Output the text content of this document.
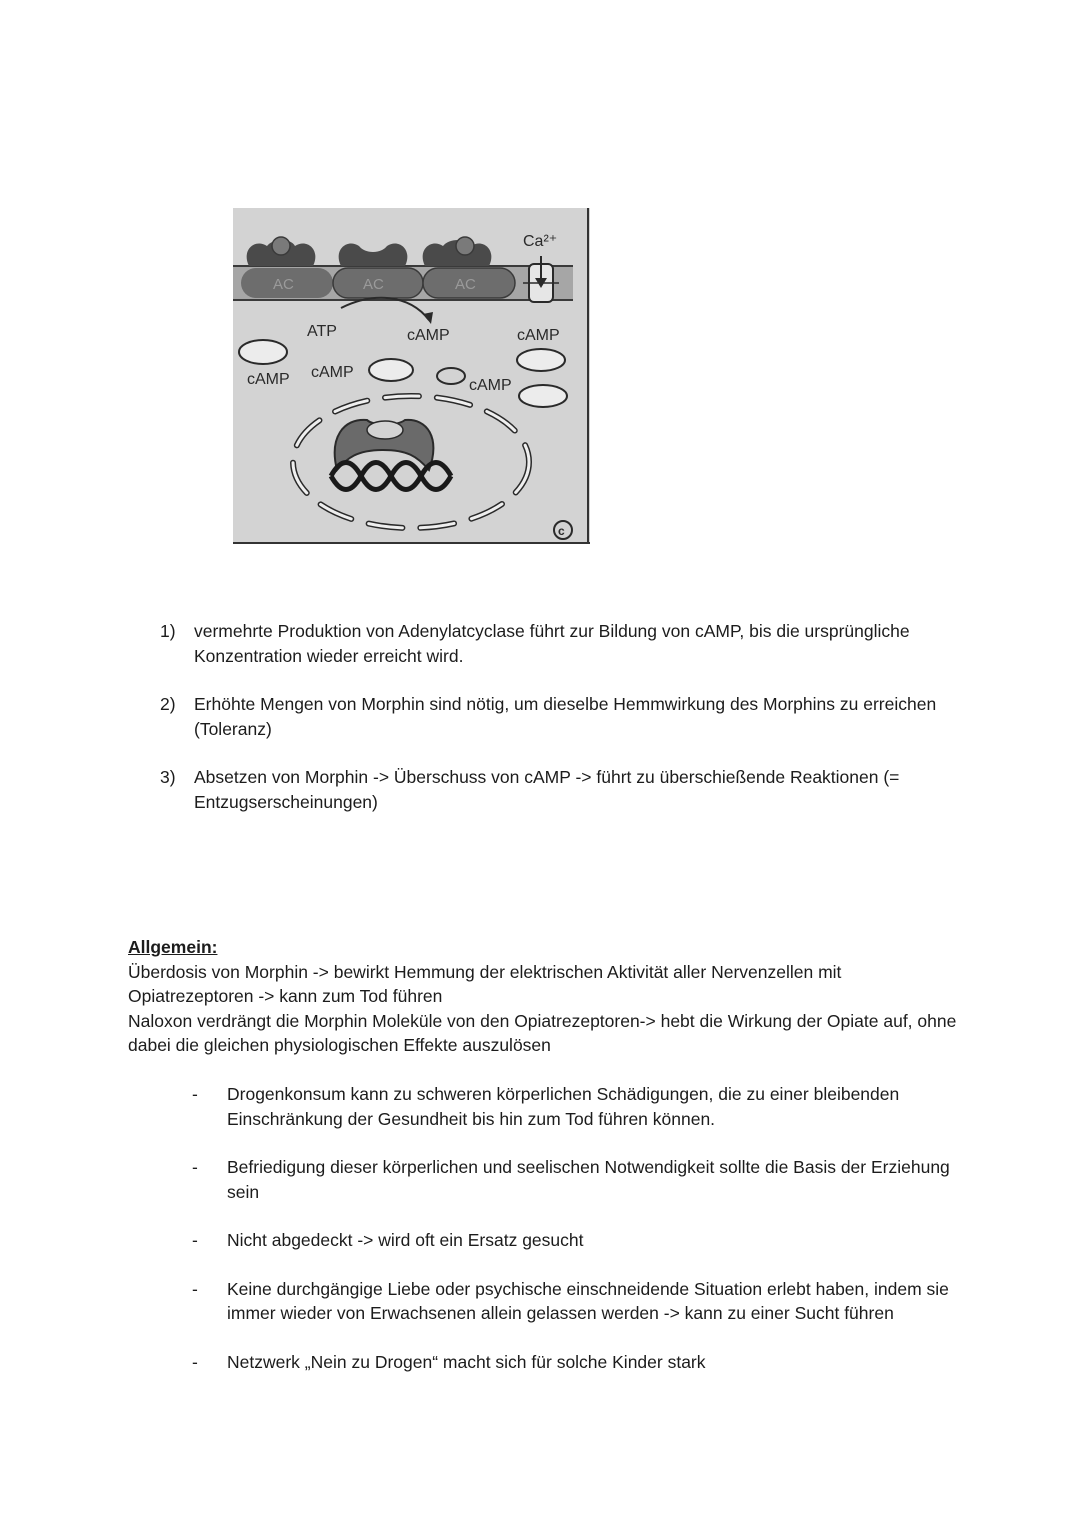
AC	AC	AC
Ca²⁺
ATP	cAMP	cAMP
cAMP cAMP
cAMP
c
1) vermehrte Produktion von Adenylatcyclase führt zur Bildung von cAMP, bis die ursprüngliche Konzentration wieder erreicht wird.
2) Erhöhte Mengen von Morphin sind nötig, um dieselbe Hemmwirkung des Morphins zu erreichen (Toleranz)
3) Absetzen von Morphin -> Überschuss von cAMP -> führt zu überschießende Reaktionen (= Entzugserscheinungen)
Allgemein:

Überdosis von Morphin -> bewirkt Hemmung der elektrischen Aktivität aller Nervenzellen mit Opiatrezeptoren -> kann zum Tod führen

Naloxon verdrängt die Morphin Moleküle von den Opiatrezeptoren-> hebt die Wirkung der Opiate auf, ohne dabei die gleichen physiologischen Effekte auszulösen

- Drogenkonsum kann zu schweren körperlichen Schädigungen, die zu einer bleibenden Einschränkung der Gesundheit bis hin zum Tod führen können.
- Befriedigung dieser körperlichen und seelischen Notwendigkeit sollte die Basis der Erziehung sein
- Nicht abgedeckt -> wird oft ein Ersatz gesucht
- Keine durchgängige Liebe oder psychische einschneidende Situation erlebt haben, indem sie immer wieder von Erwachsenen allein gelassen werden -> kann zu einer Sucht führen
- Netzwerk „Nein zu Drogen“ macht sich für solche Kinder stark
